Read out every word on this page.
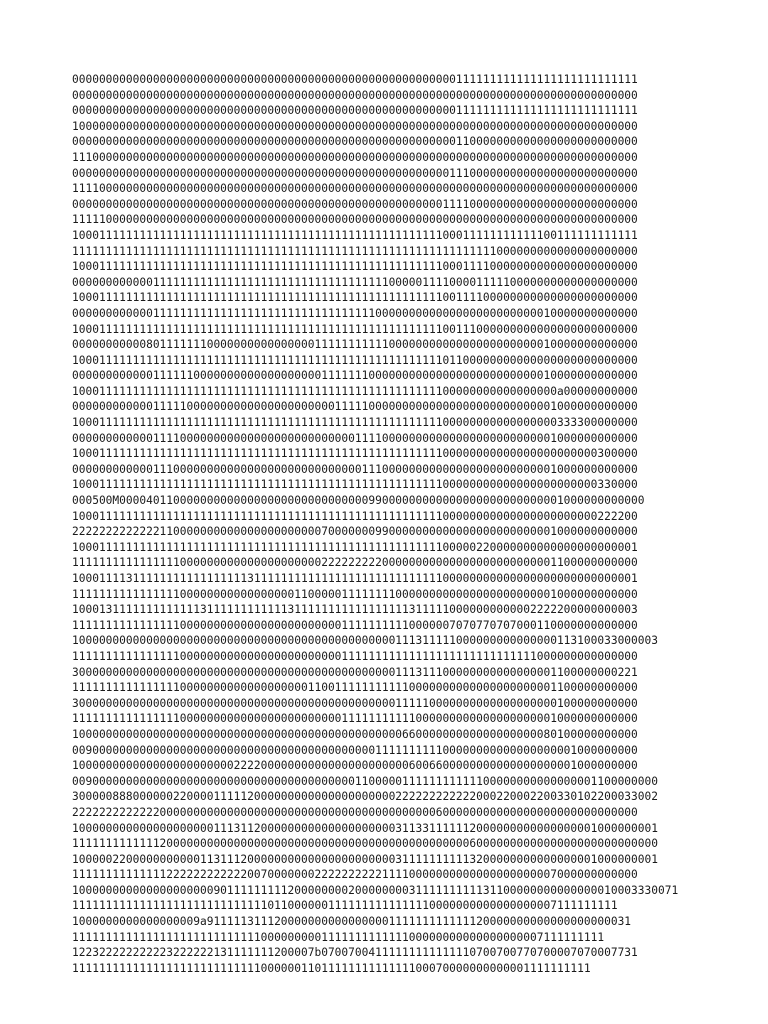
000000000000000000000000000000000000000000000000000000000111111111111111111111111111
000000000000000000000000000000000000000000000000000000000000000000000000000000000000
000000000000000000000000000000000000000000000000000000000111111111111111111111111111
100000000000000000000000000000000000000000000000000000000000000000000000000000000000
000000000000000000000000000000000000000000000000000000000110000000000000000000000000
111000000000000000000000000000000000000000000000000000000000000000000000000000000000
000000000000000000000000000000000000000000000000000000001110000000000000000000000000
111100000000000000000000000000000000000000000000000000000000000000000000000000000000
000000000000000000000000000000000000000000000000000000011110000000000000000000000000
111110000000000000000000000000000000000000000000000000000000000000000000000000000000
100011111111111111111111111111111111111111111111111111100011111111111100111111111111
111111111111111111111111111111111111111111111111111111111111111000000000000000000000
100011111111111111111111111111111111111111111111111111100011110000000000000000000000
000000000000111111111111111111111111111111111110000011110000111110000000000000000000
100011111111111111111111111111111111111111111111111111100111100000000000000000000000
000000000000111111111111111111111111111111111000000000000000000000000010000000000000
100011111111111111111111111111111111111111111111111111100111000000000000000000000000
000000000008011111110000000000000000111111111110000000000000000000000010000000000000
100011111111111111111111111111111111111111111111111111101100000000000000000000000000
000000000000111111000000000000000000011111110000000000000000000000000010000000000000
100011111111111111111111111111111111111111111111111111100000000000000000a00000000000
000000000000111110000000000000000000000111110000000000000000000000000001000000000000
100011111111111111111111111111111111111111111111111111100000000000000000333300000000
000000000000111100000000000000000000000000111100000000000000000000000001000000000000
100011111111111111111111111111111111111111111111111111100000000000000000000000300000
000000000000111000000000000000000000000000011100000000000000000000000001000000000000
100011111111111111111111111111111111111111111111111111100000000000000000000000330000
000500M000040110000000000000000000000000000099000000000000000000000000001000000000000
100011111111111111111111111111111111111111111111111111100000000000000000000000222200
222222222222211000000000000000000000070000000990000000000000000000000001000000000000
100011111111111111111111111111111111111111111111111111100000220000000000000000000001
111111111111111100000000000000000000022222222200000000000000000000000001100000000000
100011113111111111111111113111111111111111111111111111100000000000000000000000000001
111111111111111100000000000000000110000011111111000000000000000000000001000000000000
100013111111111111131111111111113111111111111111113111110000000000002222200000000003
111111111111111100000000000000000000000011111111110000007070770707000110000000000000
100000000000000000000000000000000000000000000000111311111000000000000000113100033000003
111111111111111100000000000000000000000011111111111111111111111111111000000000000000
300000000000000000000000000000000000000000000000111311100000000000000001100000000221
111111111111111100000000000000000001100111111111110000000000000000000001100000000000
300000000000000000000000000000000000000000000000111110000000000000000000100000000000
111111111111111100000000000000000000000011111111111000000000000000000001000000000000
100000000000000000000000000000000000000000000000066000000000000000000080100000000000
009000000000000000000000000000000000000000000111111111100000000000000000001000000000
100000000000000000000000222200000000000000000000006006600000000000000000001000000000
009000000000000000000000000000000000000000110000011111111111100000000000000001100000000
300000888000000220000111112000000000000000000000222222222222000220002200330102200033002
222222222222200000000000000000000000000000000000000000600000000000000000000000000000
100000000000000000000111311200000000000000000000311331111112000000000000000001000000001
111111111111120000000000000000000000000000000000000000000006000000000000000000000000000
100000220000000000011311120000000000000000000000311111111113200000000000000001000000001
111111111111112222222222220070000000222222222211110000000000000000000007000000000000
100000000000000000000901111111112000000002000000003111111111131100000000000000010003330071
111111111111111111111111111110110000001111111111111110000000000000000007111111111
1000000000000000009a911111311120000000000000000111111111111120000000000000000000031
1111111111111111111111111111000000000111111111111100000000000000000007111111111
122322222222223222222131111111200007b07007004111111111111110700700770700007070007731
11111111111111111111111111110000001101111111111111100070000000000001111111111
